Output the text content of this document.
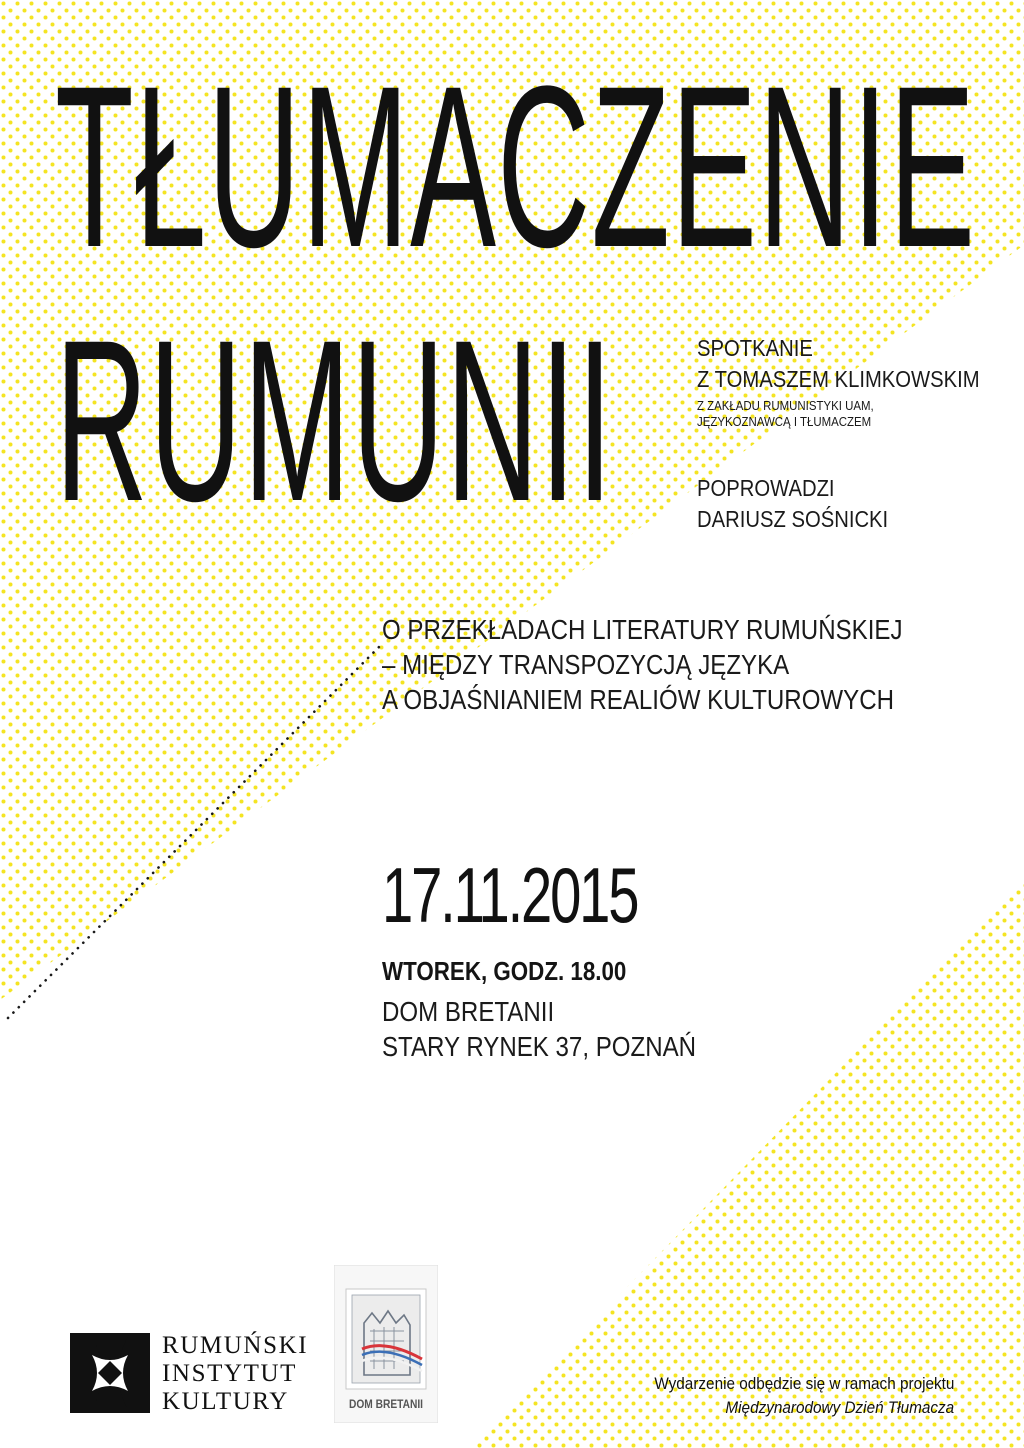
TŁUMACZENIE
RUMUNII	SPOTKANIE
Z TOMASZEM KLIMKOWSKIM
Z ZAKŁADU RUMUNISTYKI UAM,
JĘZYKOZNAWCĄ I TŁUMACZEM
POPROWADZI
DARIUSZ SOŚNICKI
O PRZEKŁADACH LITERATURY RUMUŃSKIEJ
– MIĘDZY TRANSPOZYCJĄ JĘZYKA
A OBJAŚNIANIEM REALIÓW KULTUROWYCH
17.11.2015
WTOREK, GODZ. 18.00
DOM BRETANII
STARY RYNEK 37, POZNAŃ
RUMUŃSKI
INSTYTUT
KULTURY	DOM BRETANII
Wydarzenie odbędzie się w ramach projektu
Międzynarodowy Dzień Tłumacza
